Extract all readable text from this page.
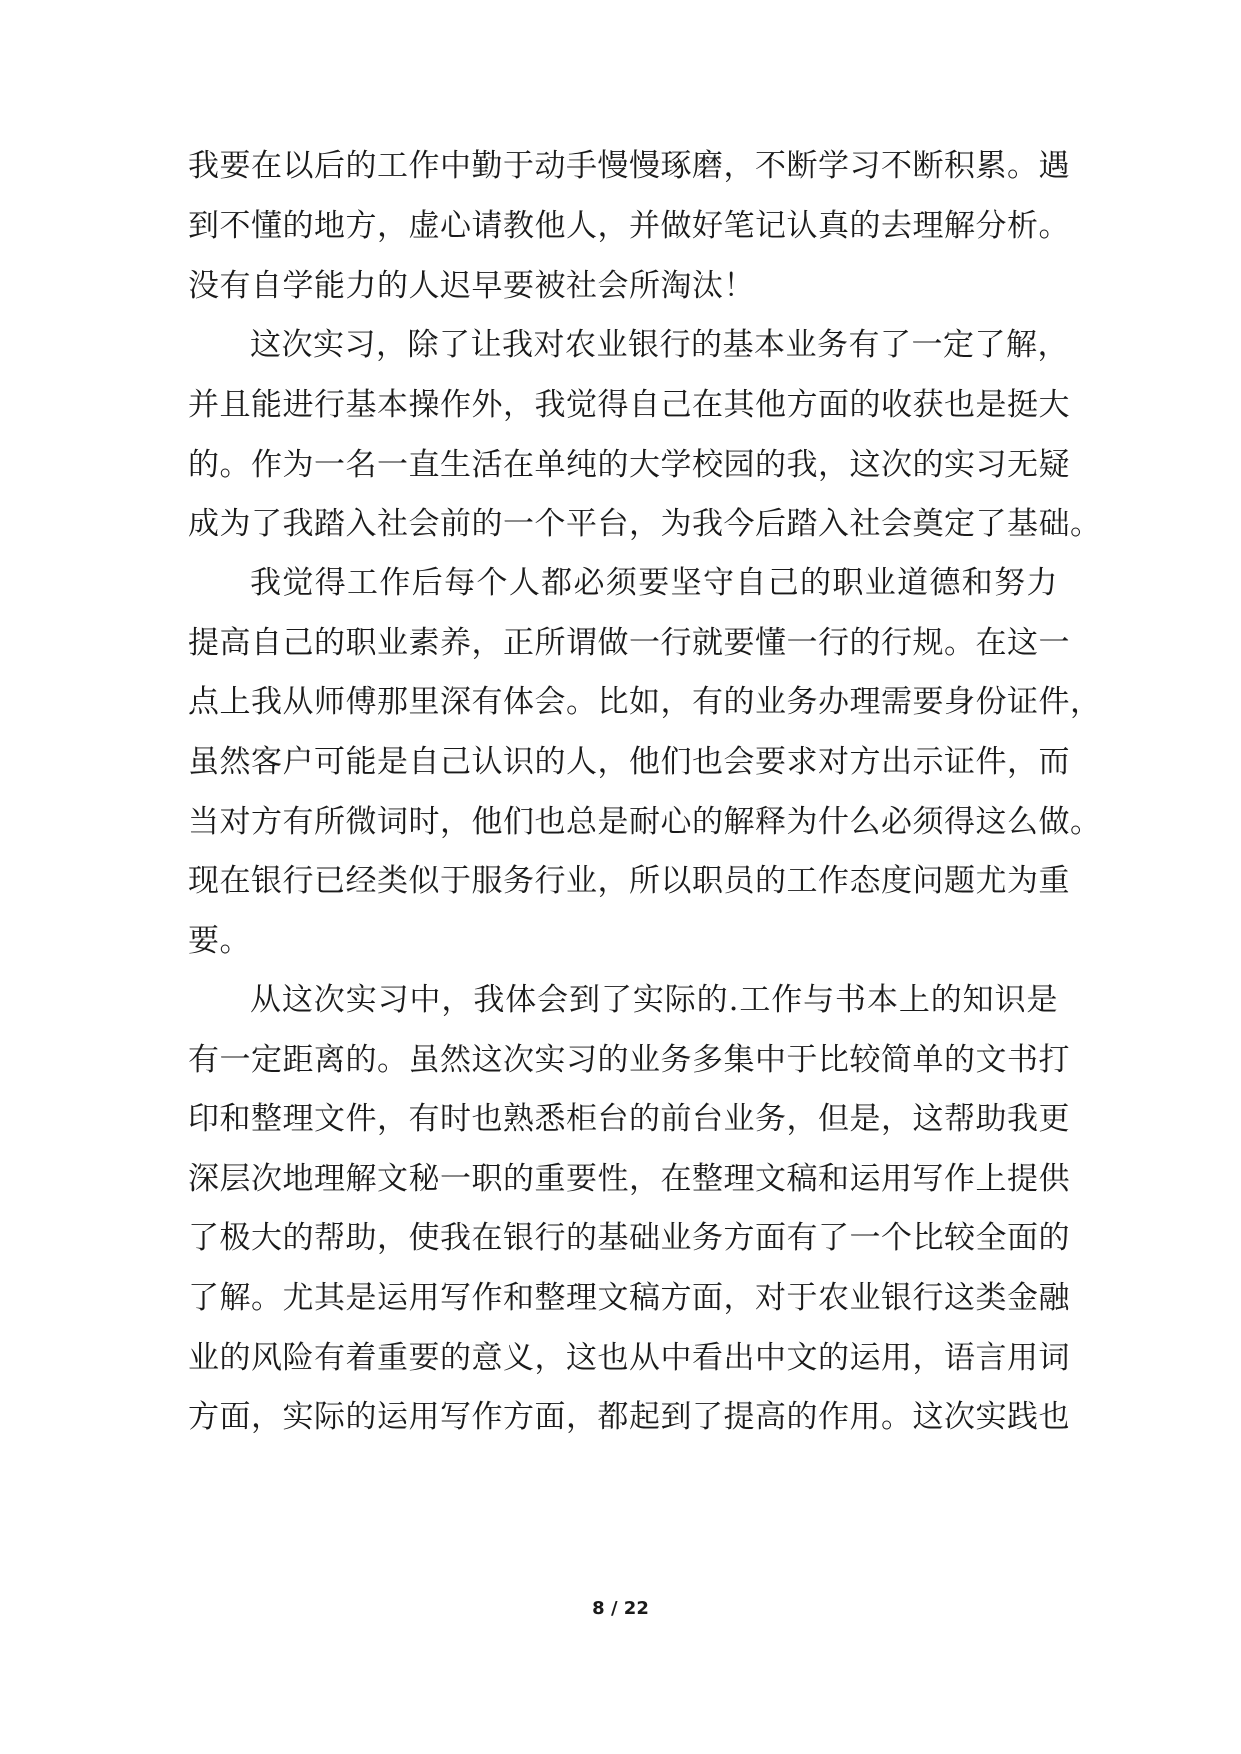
我要在以后的工作中勤于动手慢慢琢磨，不断学习不断积累。遇
到不懂的地方，虚心请教他人，并做好笔记认真的去理解分析。
没有自学能力的人迟早要被社会所淘汰！
这次实习，除了让我对农业银行的基本业务有了一定了解，
并且能进行基本操作外，我觉得自己在其他方面的收获也是挺大
的。作为一名一直生活在单纯的大学校园的我，这次的实习无疑
成为了我踏入社会前的一个平台，为我今后踏入社会奠定了基础。
我觉得工作后每个人都必须要坚守自己的职业道德和努力
提高自己的职业素养，正所谓做一行就要懂一行的行规。在这一
点上我从师傅那里深有体会。比如，有的业务办理需要身份证件，
虽然客户可能是自己认识的人，他们也会要求对方出示证件，而
当对方有所微词时，他们也总是耐心的解释为什么必须得这么做。
现在银行已经类似于服务行业，所以职员的工作态度问题尤为重
要。
从这次实习中，我体会到了实际的.工作与书本上的知识是
有一定距离的。虽然这次实习的业务多集中于比较简单的文书打
印和整理文件，有时也熟悉柜台的前台业务，但是，这帮助我更
深层次地理解文秘一职的重要性，在整理文稿和运用写作上提供
了极大的帮助，使我在银行的基础业务方面有了一个比较全面的
了解。尤其是运用写作和整理文稿方面，对于农业银行这类金融
业的风险有着重要的意义，这也从中看出中文的运用，语言用词
方面，实际的运用写作方面，都起到了提高的作用。这次实践也
8 / 22
